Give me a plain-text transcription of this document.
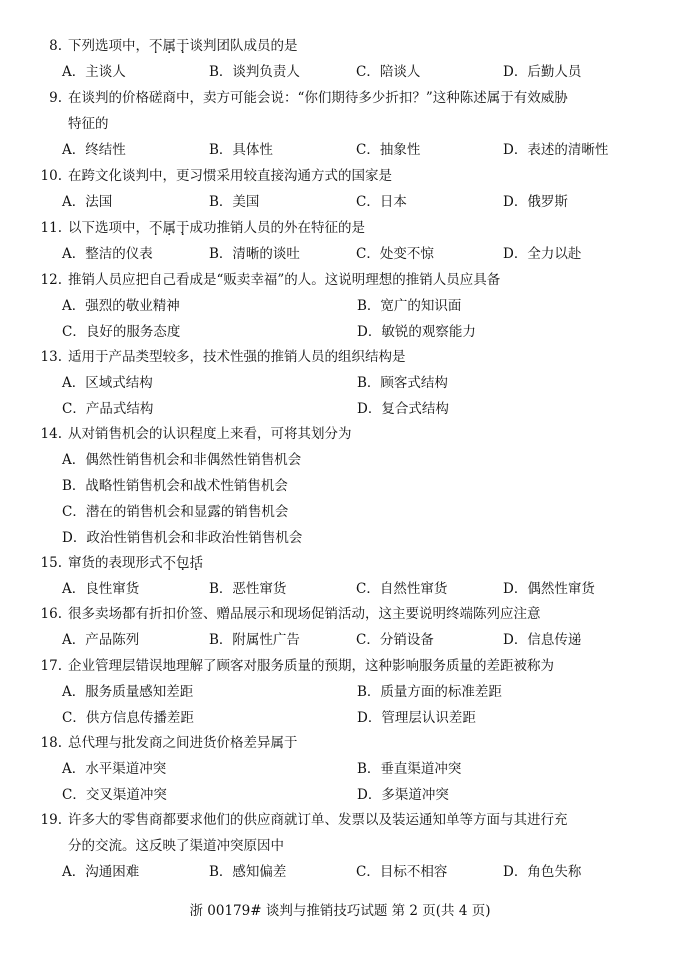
8. 下列选项中，不属于谈判团队成员的是
A．主谈人	B．谈判负责人	C．陪谈人	D．后勤人员
9. 在谈判的价格磋商中，卖方可能会说：“你们期待多少折扣？”这种陈述属于有效威胁
特征的
A．终结性	B．具体性	C．抽象性	D．表述的清晰性
10. 在跨文化谈判中，更习惯采用较直接沟通方式的国家是
A．法国	B．美国	C．日本	D．俄罗斯
11. 以下选项中，不属于成功推销人员的外在特征的是
A．整洁的仪表	B．清晰的谈吐	C．处变不惊	D．全力以赴
12. 推销人员应把自己看成是“贩卖幸福”的人。这说明理想的推销人员应具备
A．强烈的敬业精神	B．宽广的知识面
C．良好的服务态度	D．敏锐的观察能力
13. 适用于产品类型较多，技术性强的推销人员的组织结构是
A．区域式结构	B．顾客式结构
C．产品式结构	D．复合式结构
14. 从对销售机会的认识程度上来看，可将其划分为
A．偶然性销售机会和非偶然性销售机会
B．战略性销售机会和战术性销售机会
C．潜在的销售机会和显露的销售机会
D．政治性销售机会和非政治性销售机会
15. 窜货的表现形式不包括
A．良性窜货	B．恶性窜货	C．自然性窜货	D．偶然性窜货
16. 很多卖场都有折扣价签、赠品展示和现场促销活动，这主要说明终端陈列应注意
A．产品陈列	B．附属性广告	C．分销设备	D．信息传递
17. 企业管理层错误地理解了顾客对服务质量的预期，这种影响服务质量的差距被称为
A．服务质量感知差距	B．质量方面的标准差距
C．供方信息传播差距	D．管理层认识差距
18. 总代理与批发商之间进货价格差异属于
A．水平渠道冲突	B．垂直渠道冲突
C．交叉渠道冲突	D．多渠道冲突
19. 许多大的零售商都要求他们的供应商就订单、发票以及装运通知单等方面与其进行充
分的交流。这反映了渠道冲突原因中
A．沟通困难	B．感知偏差	C．目标不相容	D．角色失称
浙 00179# 谈判与推销技巧试题 第 2 页(共 4 页)
